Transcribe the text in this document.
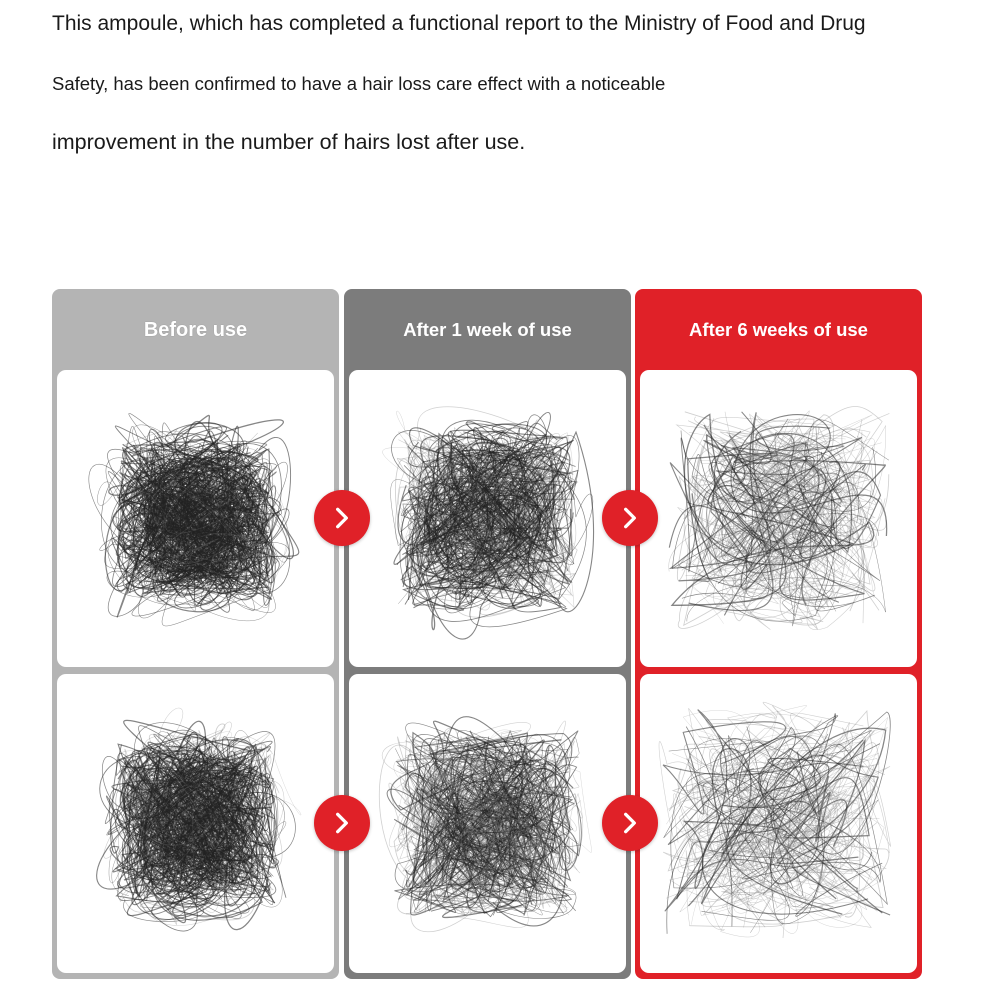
This ampoule, which has completed a functional report to the Ministry of Food and Drug

Safety, has been confirmed to have a hair loss care effect with a noticeable

improvement in the number of hairs lost after use.

Before use	After 1 week of use	After 6 weeks of use
